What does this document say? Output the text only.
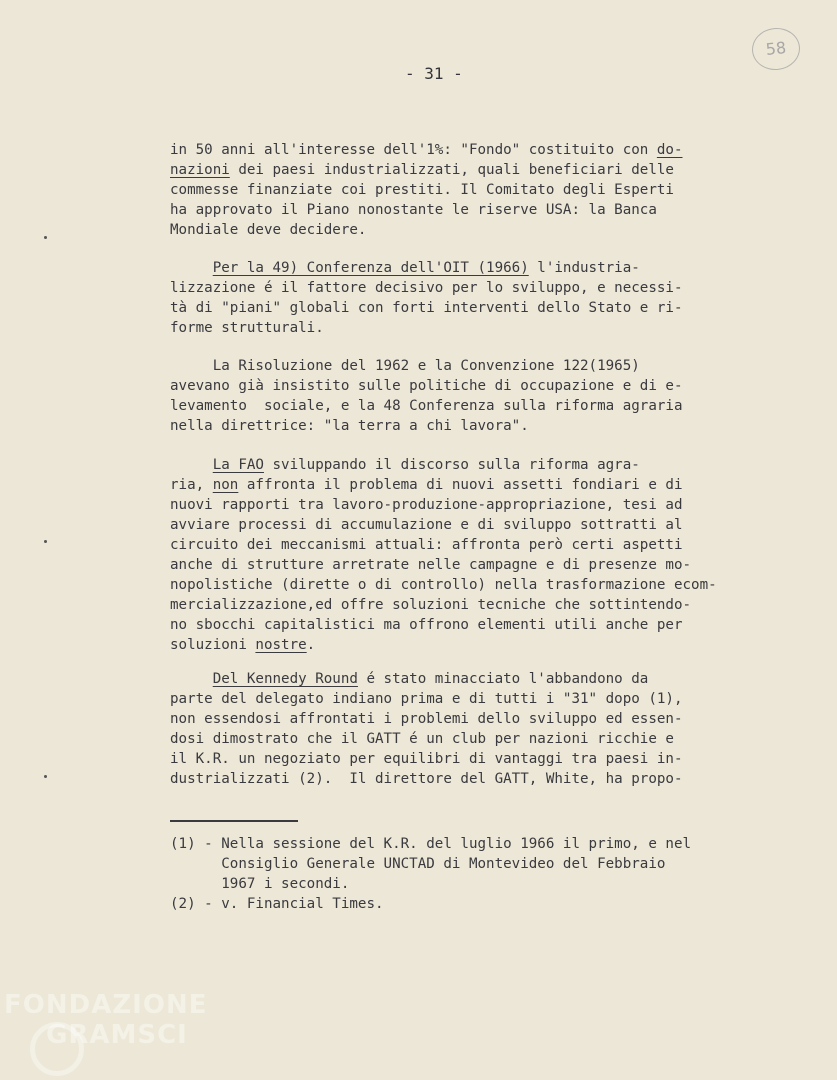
58
- 31 -
in 50 anni all'interesse dell'1%: "Fondo" costituito con do-
nazioni dei paesi industrializzati, quali beneficiari delle
commesse finanziate coi prestiti. Il Comitato degli Esperti
ha approvato il Piano nonostante le riserve USA: la Banca
Mondiale deve decidere.
Per la 49) Conferenza dell'OIT (1966) l'industria-
lizzazione é il fattore decisivo per lo sviluppo, e necessi-
tà di "piani" globali con forti interventi dello Stato e ri-
forme strutturali.
La Risoluzione del 1962 e la Convenzione 122(1965)
avevano già insistito sulle politiche di occupazione e di e-
levamento  sociale, e la 48 Conferenza sulla riforma agraria
nella direttrice: "la terra a chi lavora".
La FAO sviluppando il discorso sulla riforma agra-
ria, non affronta il problema di nuovi assetti fondiari e di
nuovi rapporti tra lavoro-produzione-appropriazione, tesi ad
avviare processi di accumulazione e di sviluppo sottratti al
circuito dei meccanismi attuali: affronta però certi aspetti
anche di strutture arretrate nelle campagne e di presenze mo-
nopolistiche (dirette o di controllo) nella trasformazione ecom-
mercializzazione,ed offre soluzioni tecniche che sottintendo-
no sbocchi capitalistici ma offrono elementi utili anche per
soluzioni nostre.
Del Kennedy Round é stato minacciato l'abbandono da
parte del delegato indiano prima e di tutti i "31" dopo (1),
non essendosi affrontati i problemi dello sviluppo ed essen-
dosi dimostrato che il GATT é un club per nazioni ricchie e
il K.R. un negoziato per equilibri di vantaggi tra paesi in-
dustrializzati (2).  Il direttore del GATT, White, ha propo-
(1) - Nella sessione del K.R. del luglio 1966 il primo, e nel
Consiglio Generale UNCTAD di Montevideo del Febbraio
1967 i secondi.
(2) - v. Financial Times.
FONDAZIONE
GRAMSCI
